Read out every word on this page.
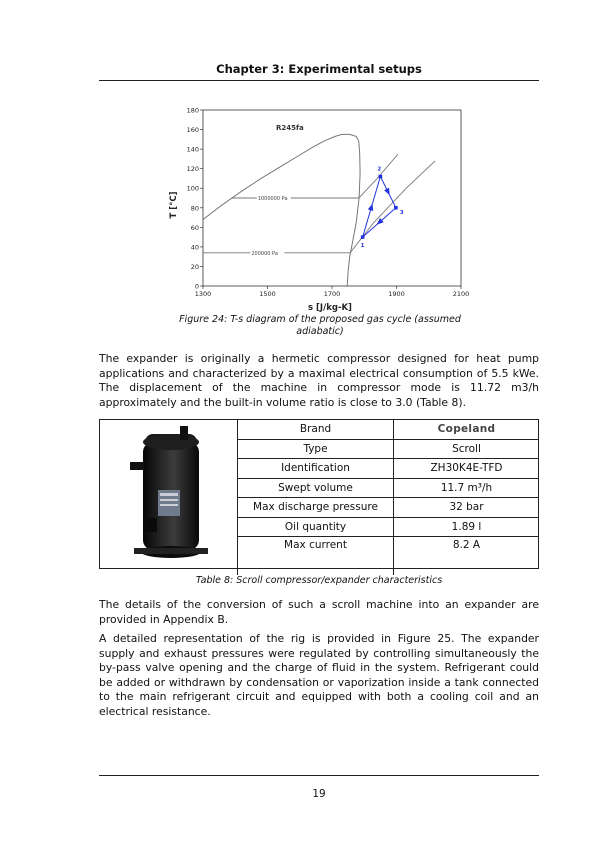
Chapter 3: Experimental setups
0
20
40
60
80
100
120
140
160
180
1300	1500	1700	1900	2100
1000000 Pa
200000 Pa
1
2
3
R245fa
s [J/kg-K]
T [°C]
Figure 24: T-s diagram of the proposed gas cycle (assumed
adiabatic)

The expander is originally a hermetic compressor designed for heat pump applications and characterized by a maximal electrical consumption of 5.5 kWe. The displacement of the machine in compressor mode is 11.72 m3/h approximately and the built-in volume ratio is close to 3.0 (Table 8).

Brand	Copeland
Type	Scroll
Identification	ZH30K4E-TFD
Swept volume	11.7 m³/h
Max discharge pressure	32 bar
Oil quantity	1.89 l
Max current	8.2 A
Table 8: Scroll compressor/expander characteristics

The details of the conversion of such a scroll machine into an expander are provided in Appendix B.

A detailed representation of the rig is provided in Figure 25. The expander supply and exhaust pressures were regulated by controlling simultaneously the by-pass valve opening and the charge of fluid in the system. Refrigerant could be added or withdrawn by condensation or vaporization inside a tank connected to the main refrigerant circuit and equipped with both a cooling coil and an electrical resistance.

19
